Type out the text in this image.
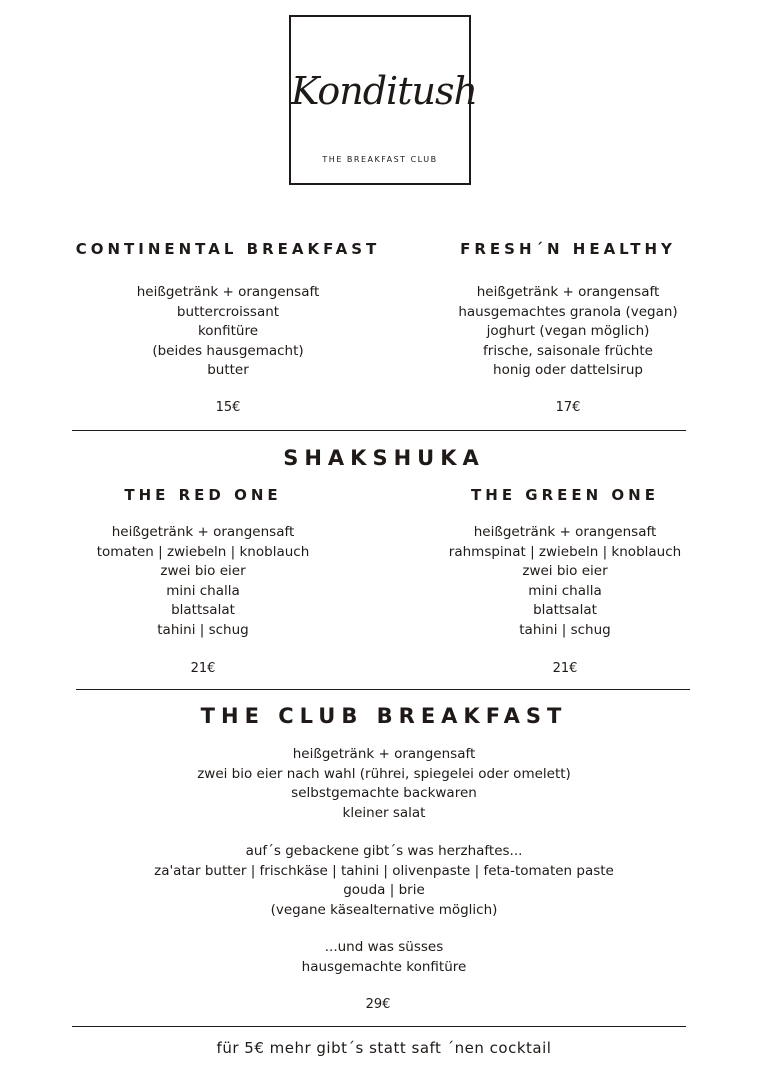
Konditush
THE BREAKFAST CLUB
CONTINENTAL BREAKFAST
heißgetränk + orangensaft
buttercroissant
konfitüre
(beides hausgemacht)
butter
15€
FRESH´N HEALTHY
heißgetränk + orangensaft
hausgemachtes granola (vegan)
joghurt (vegan möglich)
frische, saisonale früchte
honig oder dattelsirup
17€
SHAKSHUKA
THE RED ONE
heißgetränk + orangensaft
tomaten | zwiebeln | knoblauch
zwei bio eier
mini challa
blattsalat
tahini | schug
21€
THE GREEN ONE
heißgetränk + orangensaft
rahmspinat | zwiebeln | knoblauch
zwei bio eier
mini challa
blattsalat
tahini | schug
21€
THE CLUB BREAKFAST
heißgetränk + orangensaft
zwei bio eier nach wahl (rührei, spiegelei oder omelett)
selbstgemachte backwaren
kleiner salat
auf´s gebackene gibt´s was herzhaftes...
za'atar butter | frischkäse | tahini | olivenpaste | feta-tomaten paste
gouda | brie
(vegane käsealternative möglich)
...und was süsses
hausgemachte konfitüre
29€
für 5€ mehr gibt´s statt saft ´nen cocktail
